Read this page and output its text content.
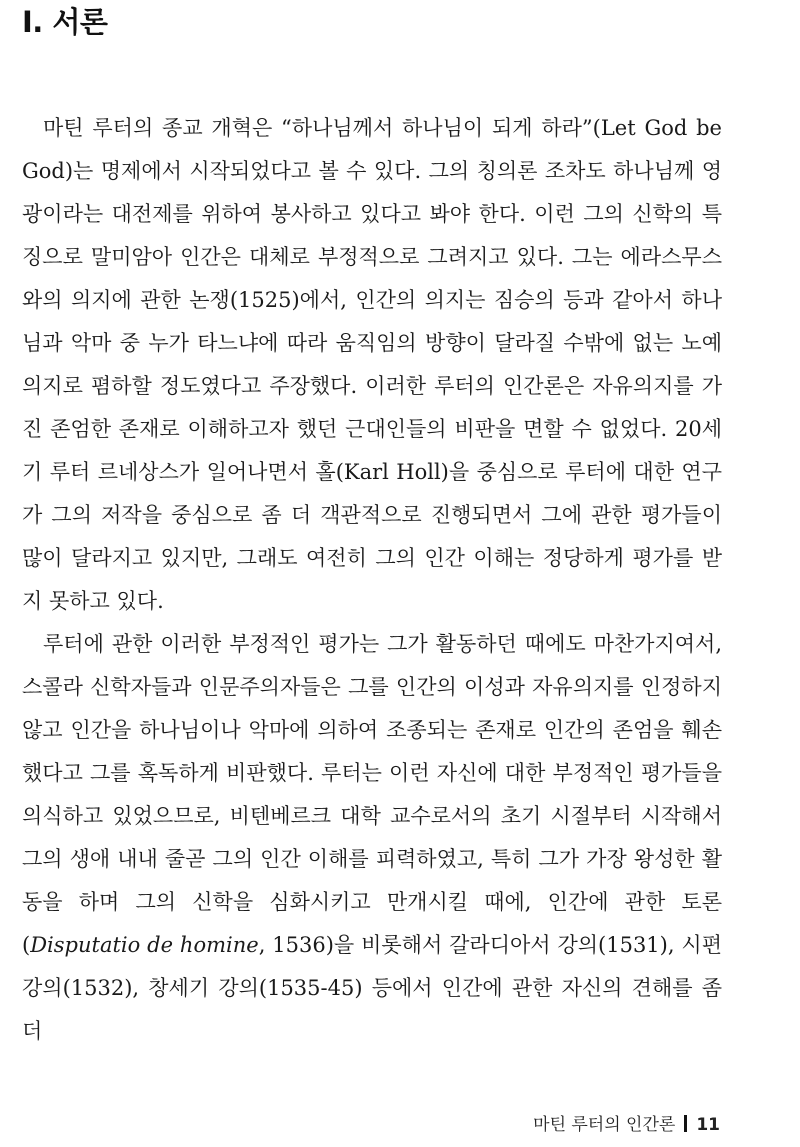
I. 서론

마틴 루터의 종교 개혁은 “하나님께서 하나님이 되게 하라”(Let God be God)는 명제에서 시작되었다고 볼 수 있다. 그의 칭의론 조차도 하나님께 영광이라는 대전제를 위하여 봉사하고 있다고 봐야 한다. 이런 그의 신학의 특징으로 말미암아 인간은 대체로 부정적으로 그려지고 있다. 그는 에라스무스와의 의지에 관한 논쟁(1525)에서, 인간의 의지는 짐승의 등과 같아서 하나님과 악마 중 누가 타느냐에 따라 움직임의 방향이 달라질 수밖에 없는 노예의지로 폄하할 정도였다고 주장했다. 이러한 루터의 인간론은 자유의지를 가진 존엄한 존재로 이해하고자 했던 근대인들의 비판을 면할 수 없었다. 20세기 루터 르네상스가 일어나면서 홀(Karl Holl)을 중심으로 루터에 대한 연구가 그의 저작을 중심으로 좀 더 객관적으로 진행되면서 그에 관한 평가들이 많이 달라지고 있지만, 그래도 여전히 그의 인간 이해는 정당하게 평가를 받지 못하고 있다.

루터에 관한 이러한 부정적인 평가는 그가 활동하던 때에도 마찬가지여서, 스콜라 신학자들과 인문주의자들은 그를 인간의 이성과 자유의지를 인정하지 않고 인간을 하나님이나 악마에 의하여 조종되는 존재로 인간의 존엄을 훼손했다고 그를 혹독하게 비판했다. 루터는 이런 자신에 대한 부정적인 평가들을 의식하고 있었으므로, 비텐베르크 대학 교수로서의 초기 시절부터 시작해서 그의 생애 내내 줄곧 그의 인간 이해를 피력하였고, 특히 그가 가장 왕성한 활동을 하며 그의 신학을 심화시키고 만개시킬 때에, 인간에 관한 토론(Disputatio de homine, 1536)을 비롯해서 갈라디아서 강의(1531), 시편강의(1532), 창세기 강의(1535-45) 등에서 인간에 관한 자신의 견해를 좀 더

마틴 루터의 인간론 11
